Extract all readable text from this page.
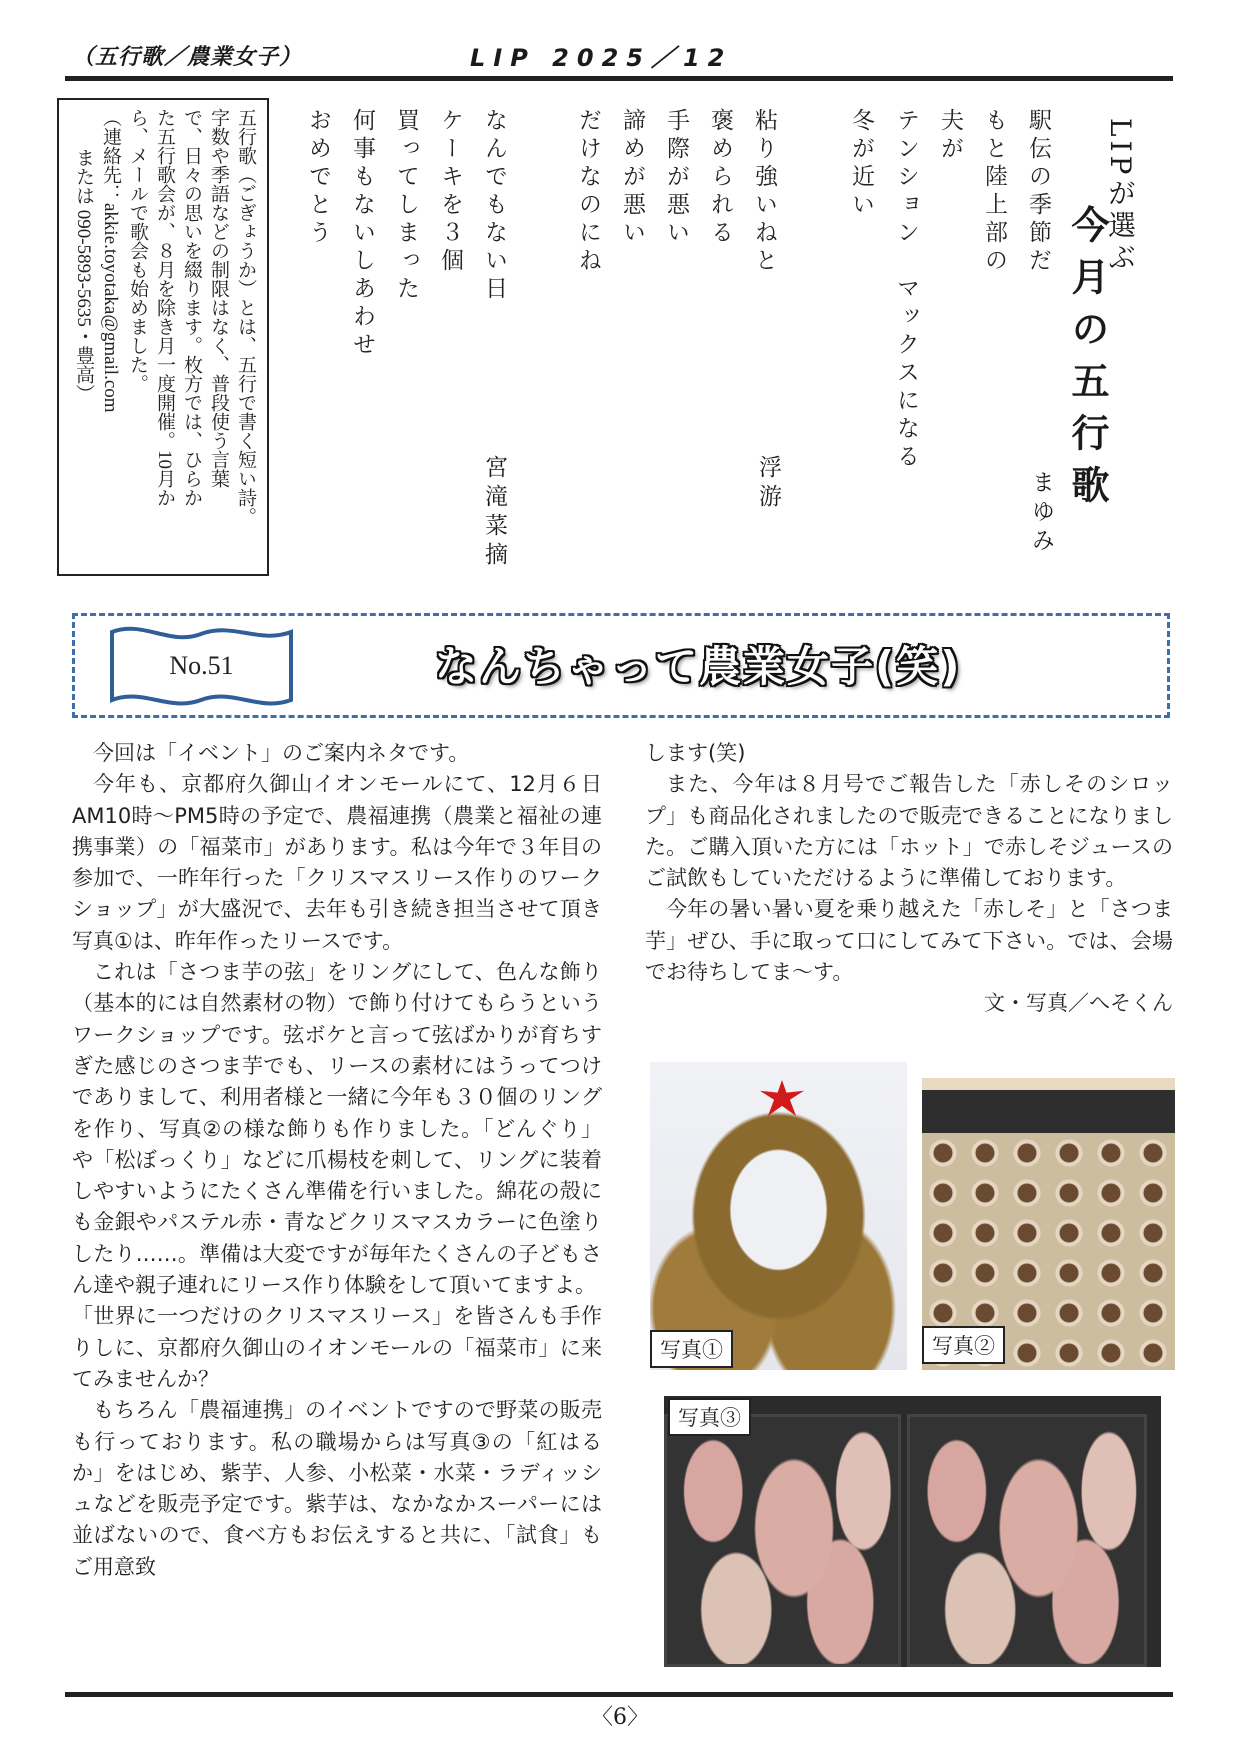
（五行歌／農業女子）	LIP 2025／12
LIPが選ぶ
今月の五行歌
駅伝の季節だ
もと陸上部の
夫が
テンション　マックスになる
冬が近い
まゆみ
粘り強いねと
褒められる
手際が悪い
諦めが悪い
だけなのにね
浮游
なんでもない日
ケーキを３個
買ってしまった
何事もないしあわせ
おめでとう
宮滝菜摘

五行歌（ごぎょうか）とは、五行で書く短い詩。

字数や季語などの制限はなく、普段使う言葉

で、日々の思いを綴ります。枚方では、ひらか

た五行歌会が、８月を除き月一度開催。10月か

ら、メールで歌会も始めました。

（連絡先：akkie.toyotaka@gmail.com

または 090-5893-5635・豊高）

No.51	なんちゃって農業女子(笑)

今回は「イベント」のご案内ネタです。

今年も、京都府久御山イオンモールにて、12月６日 AM10時〜PM5時の予定で、農福連携（農業と福祉の連携事業）の「福菜市」があります。私は今年で３年目の参加で、一昨年行った「クリスマスリース作りのワークショップ」が大盛況で、去年も引き続き担当させて頂き写真①は、昨年作ったリースです。

これは「さつま芋の弦」をリングにして、色んな飾り（基本的には自然素材の物）で飾り付けてもらうというワークショップです。弦ボケと言って弦ばかりが育ちすぎた感じのさつま芋でも、リースの素材にはうってつけでありまして、利用者様と一緒に今年も３０個のリングを作り、写真②の様な飾りも作りました。「どんぐり」や「松ぼっくり」などに爪楊枝を刺して、リングに装着しやすいようにたくさん準備を行いました。綿花の殻にも金銀やパステル赤・青などクリスマスカラーに色塗りしたり……。準備は大変ですが毎年たくさんの子どもさん達や親子連れにリース作り体験をして頂いてますよ。

「世界に一つだけのクリスマスリース」を皆さんも手作りしに、京都府久御山のイオンモールの「福菜市」に来てみませんか？

もちろん「農福連携」のイベントですので野菜の販売も行っております。私の職場からは写真③の「紅はるか」をはじめ、紫芋、人参、小松菜・水菜・ラディッシュなどを販売予定です。紫芋は、なかなかスーパーには並ばないので、食べ方もお伝えすると共に、「試食」もご用意致

します(笑)

また、今年は８月号でご報告した「赤しそのシロップ」も商品化されましたので販売できることになりました。ご購入頂いた方には「ホット」で赤しそジュースのご試飲もしていただけるように準備しております。

今年の暑い暑い夏を乗り越えた「赤しそ」と「さつま芋」ぜひ、手に取って口にしてみて下さい。では、会場でお待ちしてま〜す。

文・写真／へそくん

写真①	写真②
写真③
〈6〉
